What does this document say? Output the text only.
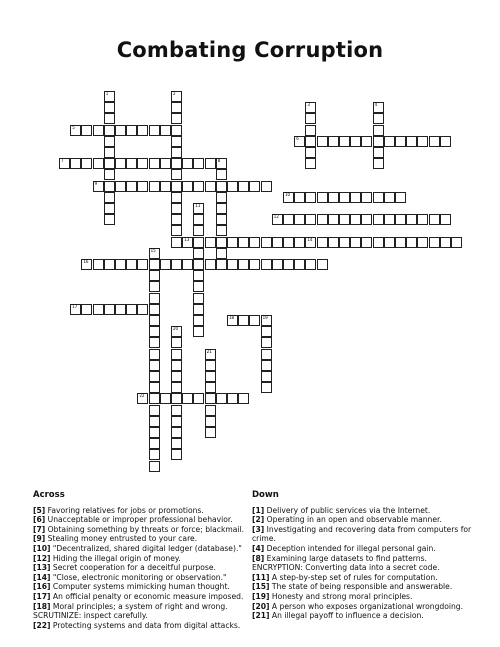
Combating Corruption
1	2
3	4
5
6
7	8
9
10
11
12
13	14
15
16
17
18	19
20
21
22
Across
[5] Favoring relatives for jobs or promotions.
[6] Unacceptable or improper professional behavior.
[7] Obtaining something by threats or force; blackmail.
[9] Stealing money entrusted to your care.
[10] "Decentralized, shared digital ledger (database)."
[12] Hiding the illegal origin of money.
[13] Secret cooperation for a deceitful purpose.
[14] "Close, electronic monitoring or observation."
[16] Computer systems mimicking human thought.
[17] An official penalty or economic measure imposed.
[18] Moral principles; a system of right and wrong. SCRUTINIZE: inspect carefully.
[22] Protecting systems and data from digital attacks.
Down
[1] Delivery of public services via the Internet.
[2] Operating in an open and observable manner.
[3] Investigating and recovering data from computers for crime.
[4] Deception intended for illegal personal gain.
[8] Examining large datasets to find patterns. ENCRYPTION: Converting data into a secret code.
[11] A step-by-step set of rules for computation.
[15] The state of being responsible and answerable.
[19] Honesty and strong moral principles.
[20] A person who exposes organizational wrongdoing.
[21] An illegal payoff to influence a decision.
